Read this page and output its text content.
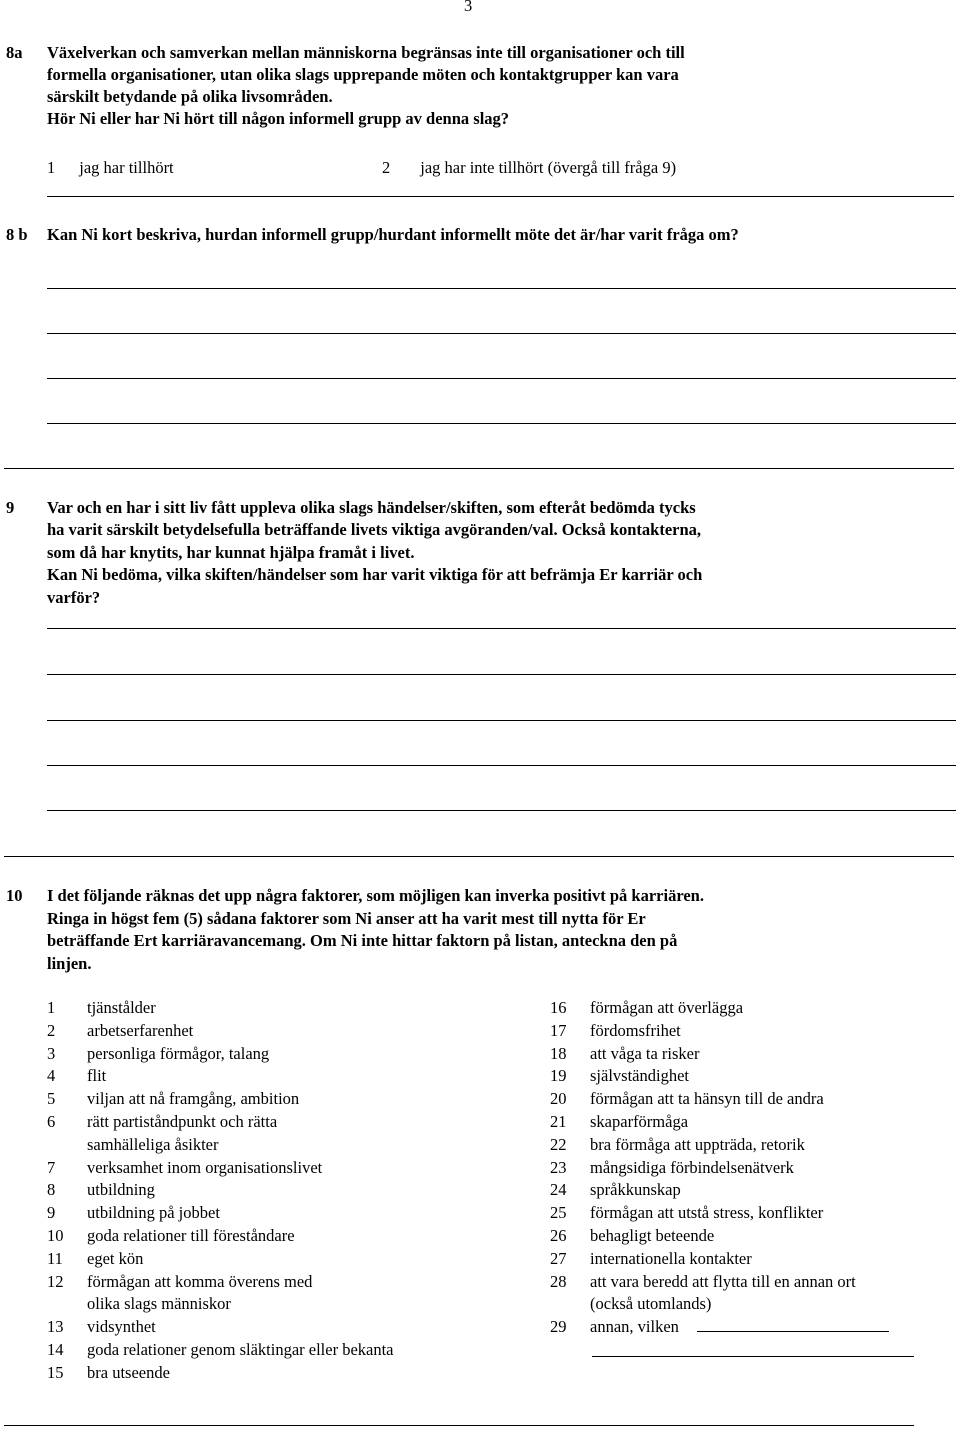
3
8a Växelverkan och samverkan mellan människorna begränsas inte till organisationer och till
formella organisationer, utan olika slags upprepande möten och kontaktgrupper kan vara
särskilt betydande på olika livsområden.
Hör Ni eller har Ni hört till någon informell grupp av denna slag?
1 jag har tillhört	2 jag har inte tillhört (övergå till fråga 9)
8 b Kan Ni kort beskriva, hurdan informell grupp/hurdant informellt möte det är/har varit fråga om?
9 Var och en har i sitt liv fått uppleva olika slags händelser/skiften, som efteråt bedömda tycks
ha varit särskilt betydelsefulla beträffande livets viktiga avgöranden/val. Också kontakterna,
som då har knytits, har kunnat hjälpa framåt i livet.
Kan Ni bedöma, vilka skiften/händelser som har varit viktiga för att befrämja Er karriär och
varför?
10 I det följande räknas det upp några faktorer, som möjligen kan inverka positivt på karriären.
Ringa in högst fem (5) sådana faktorer som Ni anser att ha varit mest till nytta för Er
beträffande Ert karriäravancemang. Om Ni inte hittar faktorn på listan, anteckna den på
linjen.
1 tjänstålder
2 arbetserfarenhet
3 personliga förmågor, talang
4 flit
5 viljan att nå framgång, ambition
6 rätt partiståndpunkt och rätta
samhälleliga åsikter
7 verksamhet inom organisationslivet
8 utbildning
9 utbildning på jobbet
10 goda relationer till föreståndare
11 eget kön
12 förmågan att komma överens med
olika slags människor
13 vidsynthet
14 goda relationer genom släktingar eller bekanta
15 bra utseende
16 förmågan att överlägga
17 fördomsfrihet
18 att våga ta risker
19 självständighet
20 förmågan att ta hänsyn till de andra
21 skaparförmåga
22 bra förmåga att uppträda, retorik
23 mångsidiga förbindelsenätverk
24 språkkunskap
25 förmågan att utstå stress, konflikter
26 behagligt beteende
27 internationella kontakter
28 att vara beredd att flytta till en annan ort
(också utomlands)
29 annan, vilken
